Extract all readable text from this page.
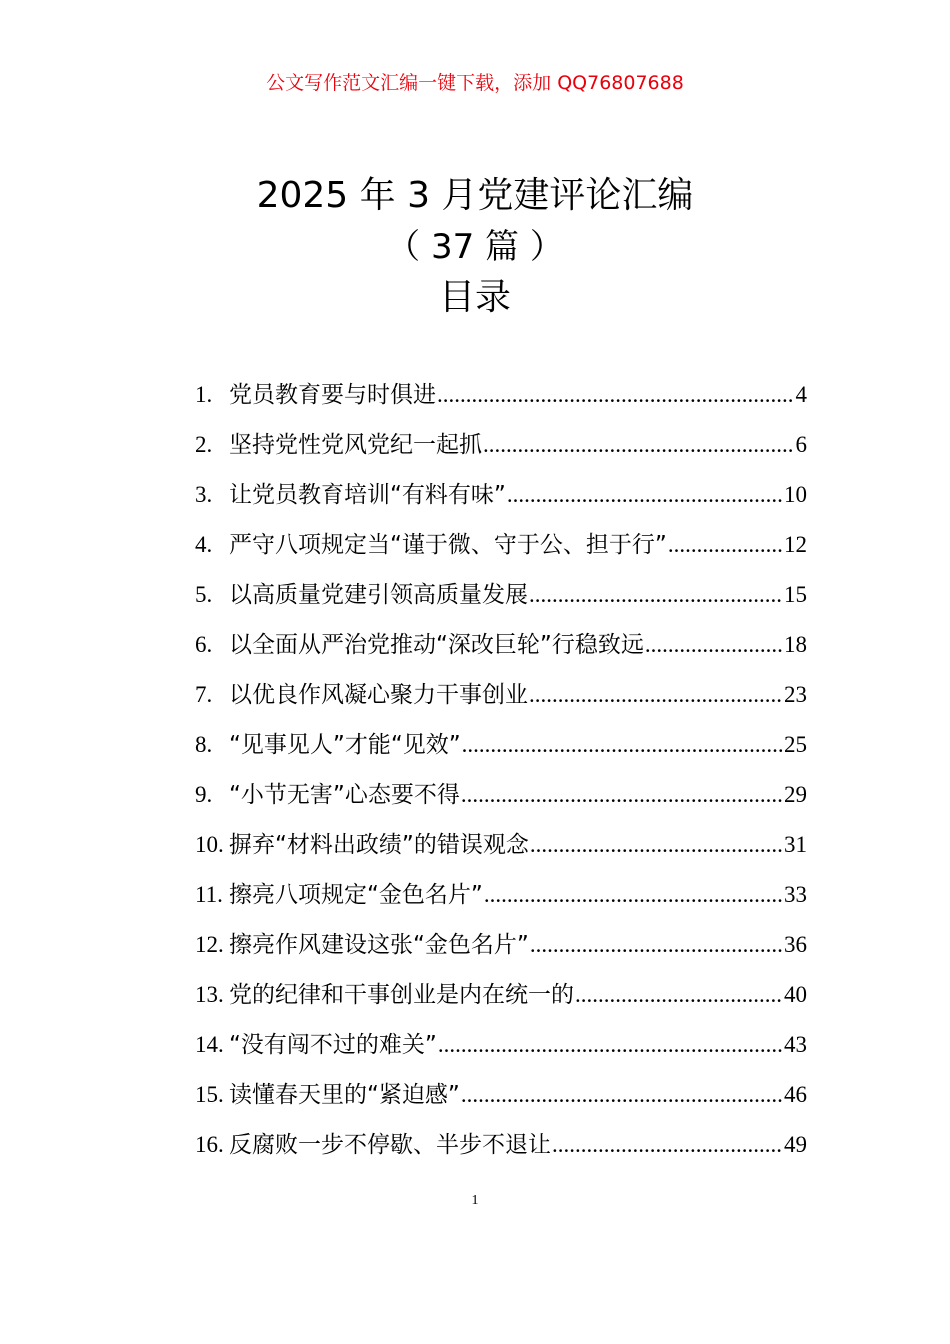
公文写作范文汇编一键下载，添加 QQ76807688
2025 年 3 月党建评论汇编
（ 37 篇 ）
目录
1. 党员教育要与时俱进 .....	4
2. 坚持党性党风党纪一起抓 .....	6
3. 让党员教育培训“有料有味” .....	10
4. 严守八项规定当“谨于微、守于公、担于行” .....	12
5. 以高质量党建引领高质量发展 .....	15
6. 以全面从严治党推动“深改巨轮”行稳致远 .....	18
7. 以优良作风凝心聚力干事创业 .....	23
8. “见事见人”才能“见效” .....	25
9. “小节无害”心态要不得 .....	29
10. 摒弃“材料出政绩”的错误观念 .....	31
11. 擦亮八项规定“金色名片” .....	33
12. 擦亮作风建设这张“金色名片” .....	36
13. 党的纪律和干事创业是内在统一的 .....	40
14. “没有闯不过的难关” .....	43
15. 读懂春天里的“紧迫感” .....	46
16. 反腐败一步不停歇、半步不退让 .....	49
1
